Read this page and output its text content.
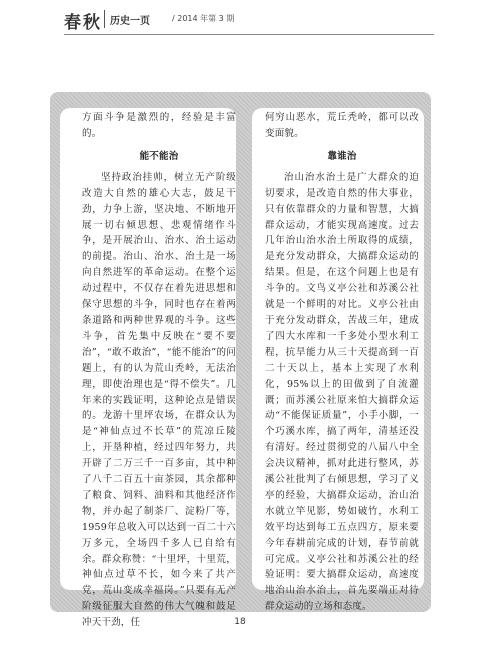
春秋 历史一页	/ 2014 年第 3 期

方面斗争是激烈的，经验是丰富的。

能不能治

坚持政治挂帅，树立无产阶级改造大自然的雄心大志，鼓足干劲，力争上游，坚决地、不断地开展一切右倾思想、悲观情绪作斗争，是开展治山、治水、治土运动的前提。治山、治水、治土是一场向自然进军的革命运动。在整个运动过程中，不仅存在着先进思想和保守思想的斗争，同时也存在着两条道路和两种世界观的斗争。这些斗争，首先集中反映在“要不要治”，“敢不敢治”，“能不能治”的问题上，有的认为荒山秃岭，无法治理，即使治理也是“得不偿失”。几年来的实践证明，这种论点是错误的。龙游十里坪农场，在群众认为是“神仙点过不长草”的荒凉丘陵上，开垦种植，经过四年努力，共开辟了二万三千一百多亩，其中种了八千二百五十亩茶园，其余都种了粮食、饲料、油料和其他经济作物，并办起了制茶厂、淀粉厂等，1959年总收入可以达到一百二十六万多元，全场四千多人已自给有余。群众称赞：“十里坪，十里荒，神仙点过草不长，如今来了共产党，荒山变成幸福岗。”只要有无产阶级征服大自然的伟大气魄和鼓足冲天干劲，任

何穷山恶水，荒丘秃岭，都可以改变面貌。

靠谁治

治山治水治土是广大群众的迫切要求，是改造自然的伟大事业，只有依靠群众的力量和智慧，大搞群众运动，才能实现高速度。过去几年治山治水治土所取得的成绩，是充分发动群众，大搞群众运动的结果。但是，在这个问题上也是有斗争的。文鸟义亭公社和苏溪公社就是一个鲜明的对比。义亭公社由于充分发动群众，苦战三年，建成了四大水库和一千多处小型水利工程，抗旱能力从三十天提高到一百二十天以上，基本上实现了水利化，95%以上的田做到了自流灌溉；而苏溪公社原来怕大搞群众运动“不能保证质量”，小手小脚，一个巧溪水库，搞了两年，清基还没有清好。经过贯彻党的八届八中全会决议精神，抓对此进行整风，苏溪公社批判了右倾思想，学习了义亭的经验，大搞群众运动，治山治水就立竿见影，势如破竹，水利工效平均达到每工五点四方，原来要今年春耕前完成的计划，春节前就可完成。义亭公社和苏溪公社的经验证明：要大搞群众运动，高速度地治山治水治土，首先要端正对待群众运动的立场和态度。

18
